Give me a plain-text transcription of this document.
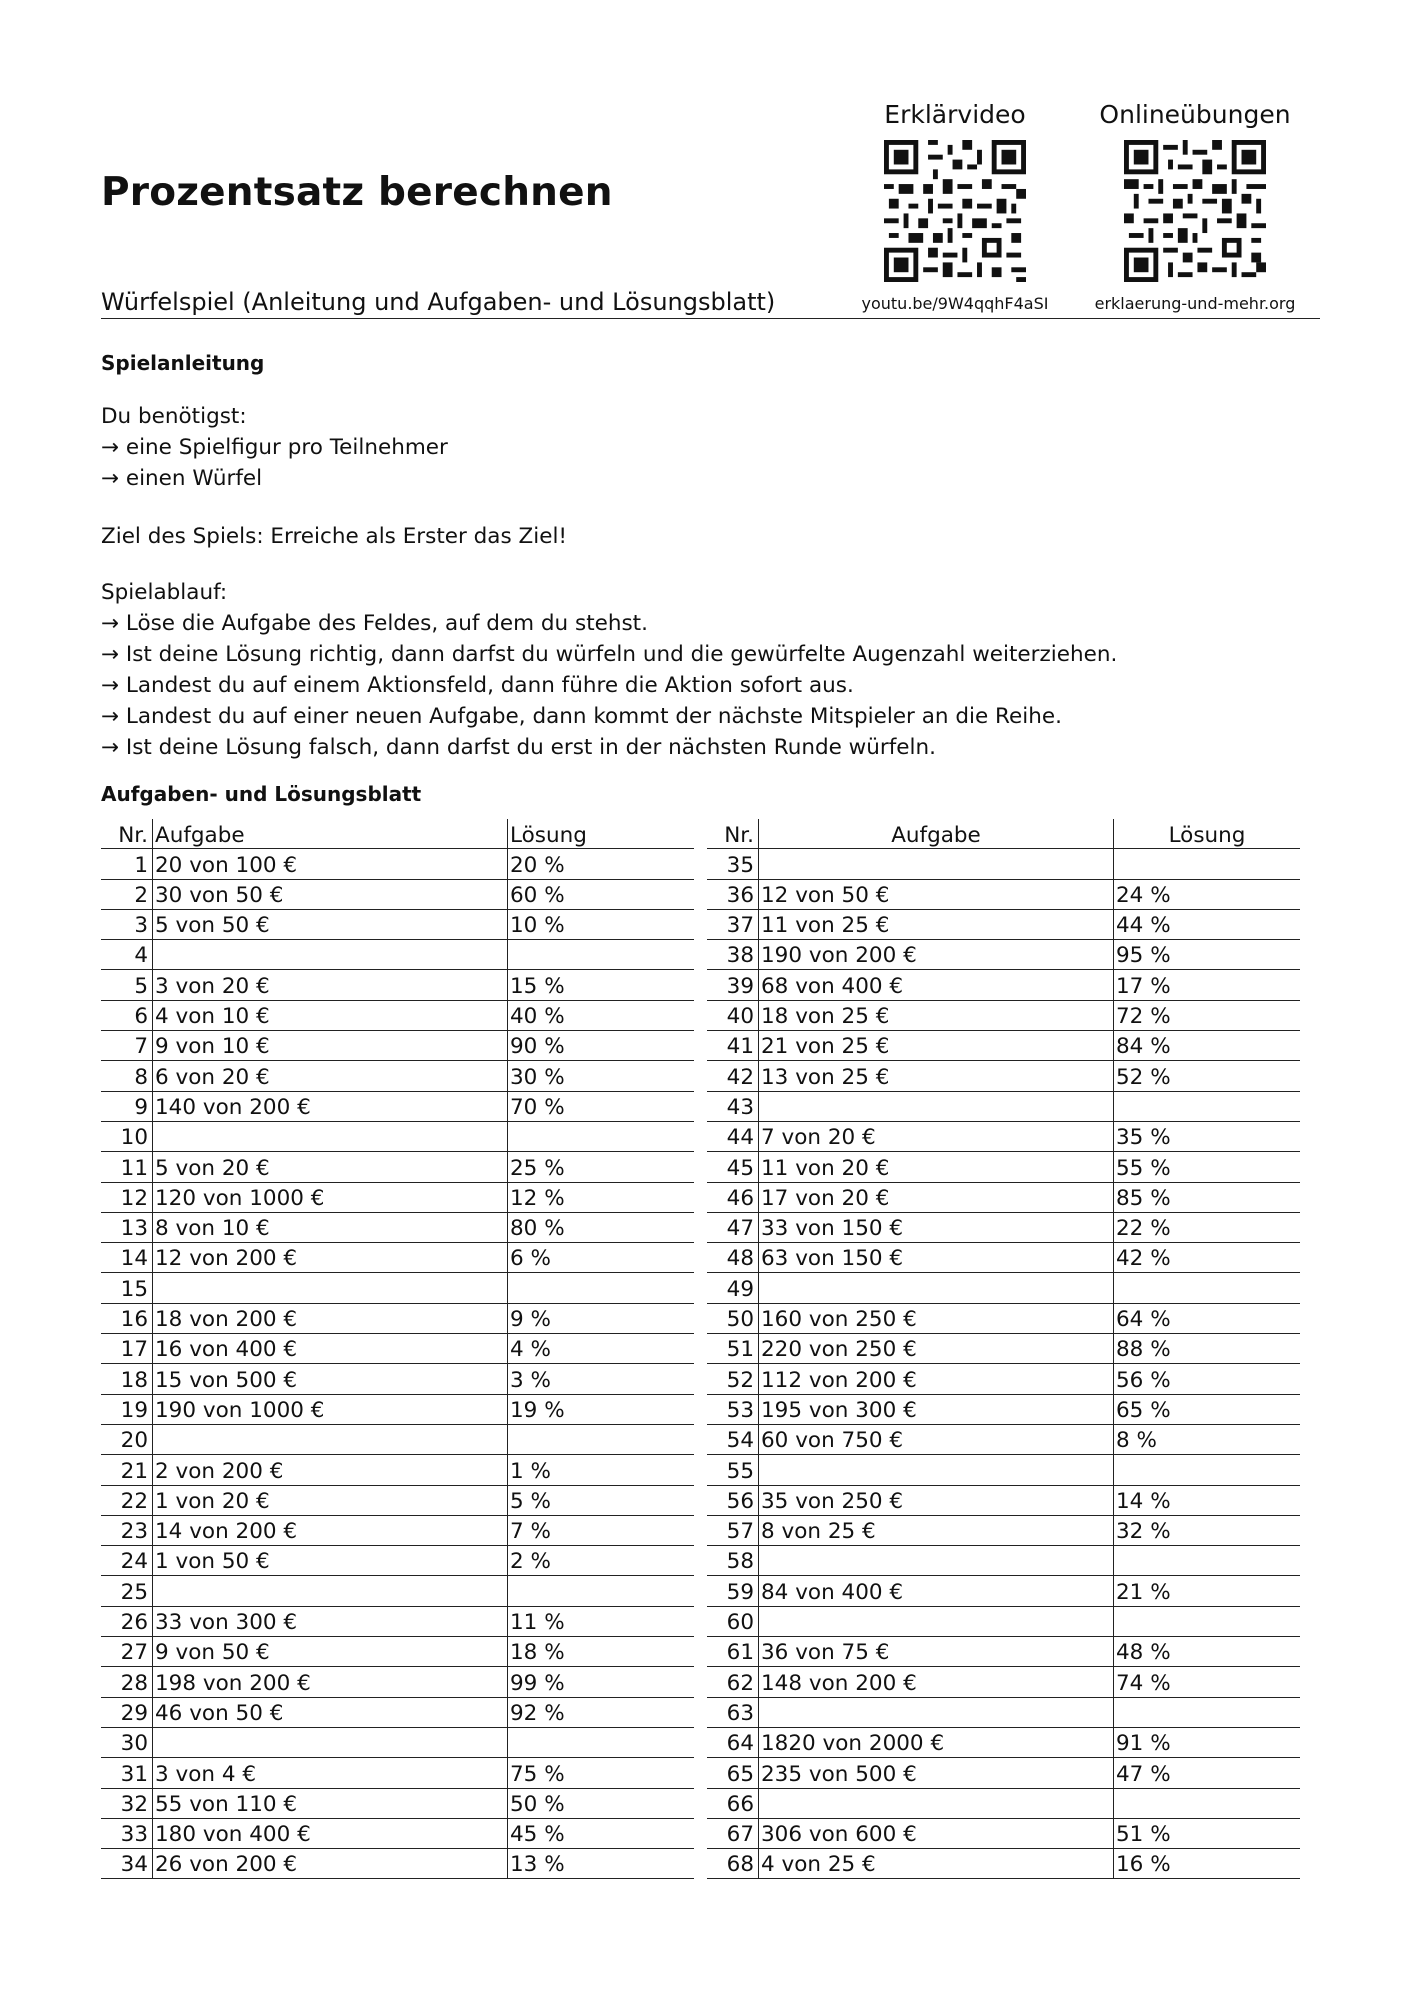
Prozentsatz berechnen
Erklärvideo
youtu.be/9W4qqhF4aSI
Onlineübungen
erklaerung-und-mehr.org
Würfelspiel (Anleitung und Aufgaben- und Lösungsblatt)
Spielanleitung
Du benötigst:
→ eine Spielfigur pro Teilnehmer
→ einen Würfel
Ziel des Spiels: Erreiche als Erster das Ziel!
Spielablauf:
→ Löse die Aufgabe des Feldes, auf dem du stehst.
→ Ist deine Lösung richtig, dann darfst du würfeln und die gewürfelte Augenzahl weiterziehen.
→ Landest du auf einem Aktionsfeld, dann führe die Aktion sofort aus.
→ Landest du auf einer neuen Aufgabe, dann kommt der nächste Mitspieler an die Reihe.
→ Ist deine Lösung falsch, dann darfst du erst in der nächsten Runde würfeln.
Aufgaben- und Lösungsblatt
Nr. Aufgabe	Lösung
1 20 von 100 €	20 %
2 30 von 50 €	60 %
3 5 von 50 €	10 %
4
5 3 von 20 €	15 %
6 4 von 10 €	40 %
7 9 von 10 €	90 %
8 6 von 20 €	30 %
9 140 von 200 €	70 %
10
11 5 von 20 €	25 %
12 120 von 1000 €	12 %
13 8 von 10 €	80 %
14 12 von 200 €	6 %
15
16 18 von 200 €	9 %
17 16 von 400 €	4 %
18 15 von 500 €	3 %
19 190 von 1000 €	19 %
20
21 2 von 200 €	1 %
22 1 von 20 €	5 %
23 14 von 200 €	7 %
24 1 von 50 €	2 %
25
26 33 von 300 €	11 %
27 9 von 50 €	18 %
28 198 von 200 €	99 %
29 46 von 50 €	92 %
30
31 3 von 4 €	75 %
32 55 von 110 €	50 %
33 180 von 400 €	45 %
34 26 von 200 €	13 %
Nr.	Aufgabe	Lösung
35
36 12 von 50 €	24 %
37 11 von 25 €	44 %
38 190 von 200 €	95 %
39 68 von 400 €	17 %
40 18 von 25 €	72 %
41 21 von 25 €	84 %
42 13 von 25 €	52 %
43
44 7 von 20 €	35 %
45 11 von 20 €	55 %
46 17 von 20 €	85 %
47 33 von 150 €	22 %
48 63 von 150 €	42 %
49
50 160 von 250 €	64 %
51 220 von 250 €	88 %
52 112 von 200 €	56 %
53 195 von 300 €	65 %
54 60 von 750 €	8 %
55
56 35 von 250 €	14 %
57 8 von 25 €	32 %
58
59 84 von 400 €	21 %
60
61 36 von 75 €	48 %
62 148 von 200 €	74 %
63
64 1820 von 2000 €	91 %
65 235 von 500 €	47 %
66
67 306 von 600 €	51 %
68 4 von 25 €	16 %
